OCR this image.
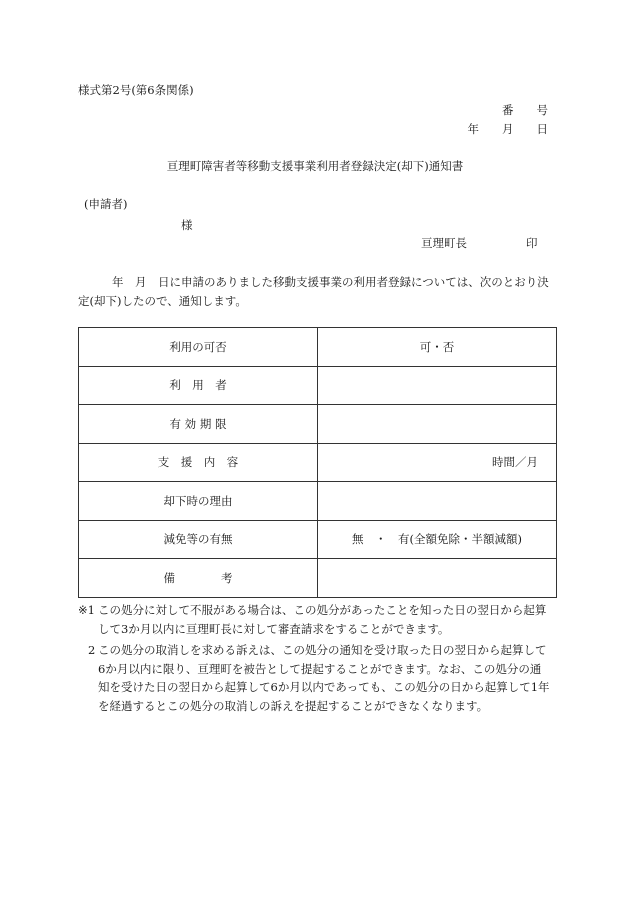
様式第2号(第6条関係)
番　　号
年　　月　　日
亘理町障害者等移動支援事業利用者登録決定(却下)通知書
(申請者)
様
亘理町長	印
年　月　日に申請のありました移動支援事業の利用者登録については、次のとおり決定(却下)したので、通知します。
利用の可否	可・否
利　用　者	
有 効 期 限	
支　援　内　容	時間／月
却下時の理由	
減免等の有無	無　・　有(全額免除・半額減額)
備　　　　考	
※1 この処分に対して不服がある場合は、この処分があったことを知った日の翌日から起算して3か月以内に亘理町長に対して審査請求をすることができます。
2 この処分の取消しを求める訴えは、この処分の通知を受け取った日の翌日から起算して6か月以内に限り、亘理町を被告として提起することができます。なお、この処分の通知を受けた日の翌日から起算して6か月以内であっても、この処分の日から起算して1年を経過するとこの処分の取消しの訴えを提起することができなくなります。
